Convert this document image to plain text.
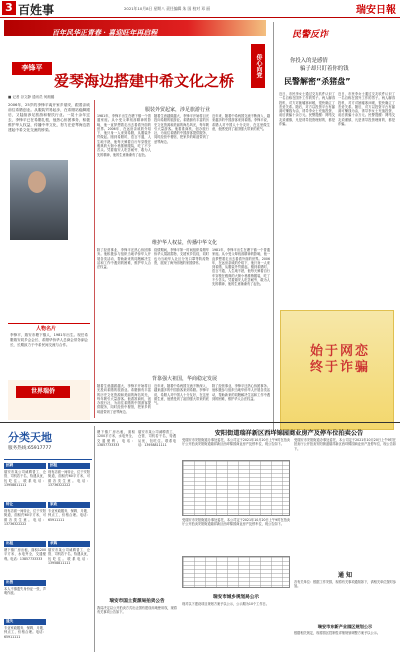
3 百姓事	2021年10月8日 星期八 责任编辑 朱 国 校对 邓 丽	瑞安日報
百年风华正青春 · 喜迎旺年再启程
侨心向党
李锋平
爱琴海边搭建中希文化之桥
■ 记者 谷文静 通讯员 何湘璐
2006年，25岁的李锋平离开家乡瑞安，跟着亲戚前往希腊创业。从服装贸易起步，在希腊站稳脚跟后，又陆续涉足旅游和餐饮行业。一晃十余年过去，李锋平已在希腊扎根，他热心侨团事务，积极维护华人权益，传播中华文化，努力在爱琴海边搭建起中希文化交流的桥梁。
人物名片
李锋平，瑞安市塘下镇人，1981年出生。现任希腊瑞安同乡会会长、希腊华侨华人总商会常务副会长，长期致力于中希民间交流与合作。
世界瑞侨
服装外贸起家，涉足旅游行业
维护华人权益，传播中华文化
背靠强大祖国，华商稳定发展
1981年，李锋平出生在塘下镇一个普通家庭。从小受父辈闯荡精神的影响，他一直梦想着走出去看看外面的世界。2006年，在远房亲戚的介绍下，他只身一人来到希腊，从服装外贸做起。刚到希腊时，语言不通，人生地不熟，他每天骑着自行车穿梭在雅典的大街小巷推销服装，吃了不少苦头。凭着瑞安人吃苦耐劳、敢为人先的精神，他的生意渐渐有了起色。
随着生意越做越大，李锋平开始将目光投向希腊的旅游业。希腊拥有丰富的历史文化资源和美丽的海岛风光，每年吸引大量游客。他看准商机，创办旅行社，为前往希腊的中国游客提供服务，同时经营中餐馆，把家乡的味道带到了爱琴海边。
近年来，随着中希两国交流不断深入，越来越多的中国游客来到希腊。李锋平说，希腊人对中国人十分友好，在这里做生意，他感受到了祖国强大带来的底气。
除了经营事业，李锋平还热心侨团事务。他积极参与组织当地华侨华人开展各类活动，帮助新来的同胞解决生活和工作中遇到的困难，维护华人合法权益。
疫情期间，李锋平第一时间组织希腊华侨华人捐款捐物，支援家乡抗疫，同时也为当地华人社区分发口罩等防疫物资，展现了海外侨胞的家国情怀。
1981年，李锋平出生在塘下镇一个普通家庭。从小受父辈闯荡精神的影响，他一直梦想着走出去看看外面的世界。2006年，在远房亲戚的介绍下，他只身一人来到希腊，从服装外贸做起。刚到希腊时，语言不通，人生地不熟，他每天骑着自行车穿梭在雅典的大街小巷推销服装，吃了不少苦头。凭着瑞安人吃苦耐劳、敢为人先的精神，他的生意渐渐有了起色。
随着生意越做越大，李锋平开始将目光投向希腊的旅游业。希腊拥有丰富的历史文化资源和美丽的海岛风光，每年吸引大量游客。他看准商机，创办旅行社，为前往希腊的中国游客提供服务，同时经营中餐馆，把家乡的味道带到了爱琴海边。
近年来，随着中希两国交流不断深入，越来越多的中国游客来到希腊。李锋平说，希腊人对中国人十分友好，在这里做生意，他感受到了祖国强大带来的底气。
除了经营事业，李锋平还热心侨团事务。他积极参与组织当地华侨华人开展各类活动，帮助新来的同胞解决生活和工作中遇到的困难，维护华人合法权益。
民警反诈
你投入的是感情
骗子却只盯着你的钱
民警解密“杀猪盘”
近日，市民李女士通过交友软件认识了一名自称在国外工作的男子。两人聊得投机，对方对她嘘寒问暖，很快确立了恋爱关系。随后，对方以投资平台有漏洞可赚钱为由，诱导李女士充值投资，前后被骗十余万元。民警提醒：网络交友须谨慎，凡是诱导投资理财的，都是诈骗。
近日，市民李女士通过交友软件认识了一名自称在国外工作的男子。两人聊得投机，对方对她嘘寒问暖，很快确立了恋爱关系。随后，对方以投资平台有漏洞可赚钱为由，诱导李女士充值投资，前后被骗十余万元。民警提醒：网络交友须谨慎，凡是诱导投资理财的，都是诈骗。
始于网恋 终于诈骗
分类天地
服务热线:65917777
招聘
瑞安市某公司诚聘普工、仓管、司机若干名，待遇从优，包吃住。联系电话：13958811111
转让
现有店面一间转让，位于安阳街道，面积约60平方米，可做各类生意。电话：13736322222
出租
塘下镇厂房出租，面积1200平方米，水电齐全，交通便利。电话：13857733333
出售
本人不慎遗失身份证一张，声明作废。
遗失
专业家政服务，保姆、月嫂、钟点工，价格合理。电话：65911111
招租
现有店面一间转让，位于安阳街道，面积约60平方米，可做各类生意。电话：13736322222
家政
专业家政服务，保姆、月嫂、钟点工，价格合理。电话：65911111
求购
瑞安市某公司诚聘普工、仓管、司机若干名，待遇从优，包吃住。联系电话：13958811111
塘下镇厂房出租，面积1200平方米，水电齐全，交通便利。电话：13857733333
瑞安市某公司诚聘普工、仓管、司机若干名，待遇从优，包吃住。联系电话：13958811111
瑞安市国土资源局拍卖公告
我局决定以公开拍卖方式出让国有建设用地使用权，现将有关事项公告如下。
安阳街道瑞祥新区西垟锦园商业房产及停车位拍卖公告
受瑞安市安阳街道办事处委托，本公司定于2021年10月20日上午9时在拍卖厅公开拍卖安阳街道瑞祥新区西垟锦园商业房产及停车位，现公告如下。
受瑞安市安阳街道办事处委托，本公司定于2021年10月20日上午9时在拍卖厅公开拍卖安阳街道瑞祥新区西垟锦园商业房产及停车位，现公告如下。
受瑞安市安阳街道办事处委托，本公司定于2021年10月20日上午9时在拍卖厅公开拍卖安阳街道瑞祥新区西垟锦园商业房产及停车位，现公告如下。
瑞安市城乡规划局公示
现对以下建设项目规划方案予以公示，公示期为10个工作日。
通 知
各有关单位：根据工作安排，现将有关事项通知如下，请相关单位按时参加。
瑞安市东新产业园区规划公示
根据相关规定，现将园区控制性详细规划调整方案予以公示。
